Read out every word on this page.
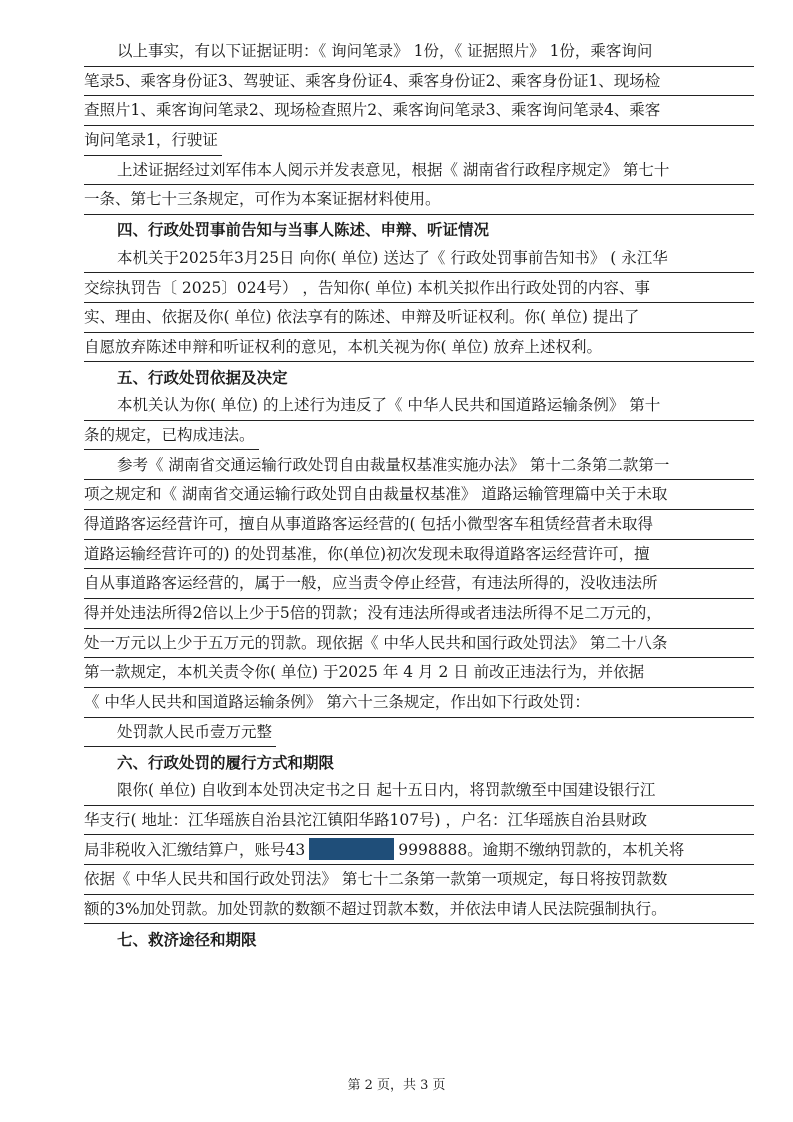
以上事实，有以下证据证明：《 询问笔录》 1份，《 证据照片》 1份，乘客询问
笔录5、乘客身份证3、驾驶证、乘客身份证4、乘客身份证2、乘客身份证1、现场检
查照片1、乘客询问笔录2、现场检查照片2、乘客询问笔录3、乘客询问笔录4、乘客
询问笔录1，行驶证
上述证据经过刘军伟本人阅示并发表意见，根据《 湖南省行政程序规定》 第七十
一条、第七十三条规定，可作为本案证据材料使用。
四、行政处罚事前告知与当事人陈述、申辩、听证情况
本机关于2025年3月25日 向你( 单位) 送达了《 行政处罚事前告知书》 ( 永江华
交综执罚告〔 2025〕024号） ，告知你( 单位) 本机关拟作出行政处罚的内容、事
实、理由、依据及你( 单位) 依法享有的陈述、申辩及听证权利。你( 单位) 提出了
自愿放弃陈述申辩和听证权利的意见，本机关视为你( 单位) 放弃上述权利。
五、行政处罚依据及决定
本机关认为你( 单位) 的上述行为违反了《 中华人民共和国道路运输条例》 第十
条的规定，已构成违法。
参考《 湖南省交通运输行政处罚自由裁量权基准实施办法》 第十二条第二款第一
项之规定和《 湖南省交通运输行政处罚自由裁量权基准》 道路运输管理篇中关于未取
得道路客运经营许可，擅自从事道路客运经营的( 包括小微型客车租赁经营者未取得
道路运输经营许可的) 的处罚基准，你(单位)初次发现未取得道路客运经营许可，擅
自从事道路客运经营的，属于一般，应当责令停止经营，有违法所得的，没收违法所
得并处违法所得2倍以上少于5倍的罚款；没有违法所得或者违法所得不足二万元的，
处一万元以上少于五万元的罚款。现依据《 中华人民共和国行政处罚法》 第二十八条
第一款规定，本机关责令你( 单位) 于2025 年 4 月 2 日 前改正违法行为，并依据
《 中华人民共和国道路运输条例》 第六十三条规定，作出如下行政处罚：
处罚款人民币壹万元整
六、行政处罚的履行方式和期限
限你( 单位) 自收到本处罚决定书之日 起十五日内，将罚款缴至中国建设银行江
华支行( 地址：江华瑶族自治县沱江镇阳华路107号) ，户名：江华瑶族自治县财政
局非税收入汇缴结算户，账号43	9998888。逾期不缴纳罚款的，本机关将
依据《 中华人民共和国行政处罚法》 第七十二条第一款第一项规定，每日将按罚款数
额的3%加处罚款。加处罚款的数额不超过罚款本数，并依法申请人民法院强制执行。
七、救济途径和期限
第 2 页，共 3 页
